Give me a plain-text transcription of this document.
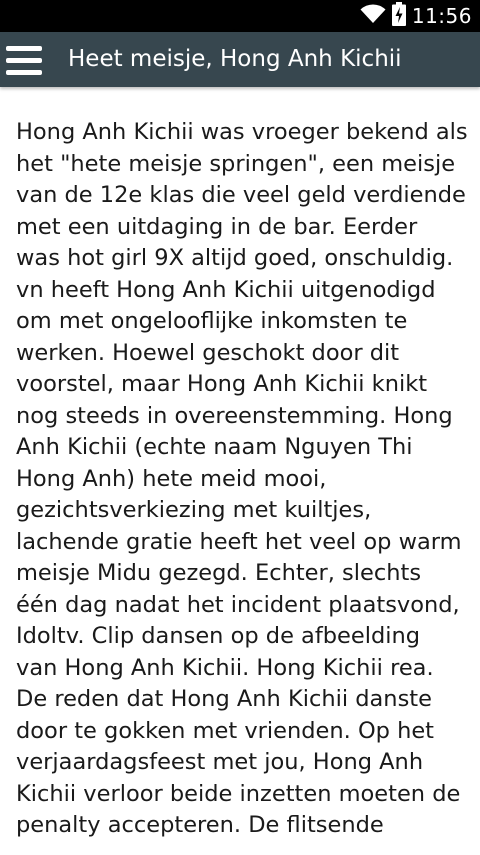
11:56
Heet meisje, Hong Anh Kichii

Hong Anh Kichii was vroeger bekend als het "hete meisje springen", een meisje van de 12e klas die veel geld verdiende met een uitdaging in de bar. Eerder was hot girl 9X altijd goed, onschuldig. vn heeft Hong Anh Kichii uitgenodigd om met ongelooflijke inkomsten te werken. Hoewel geschokt door dit voorstel, maar Hong Anh Kichii knikt nog steeds in overeenstemming. Hong Anh Kichii (echte naam Nguyen Thi Hong Anh) hete meid mooi, gezichtsverkiezing met kuiltjes, lachende gratie heeft het veel op warm meisje Midu gezegd. Echter, slechts één dag nadat het incident plaatsvond, Idoltv. Clip dansen op de afbeelding van Hong Anh Kichii. Hong Kichii rea. De reden dat Hong Anh Kichii danste door te gokken met vrienden. Op het verjaardagsfeest met jou, Hong Anh Kichii verloor beide inzetten moeten de penalty accepteren. De flitsende
